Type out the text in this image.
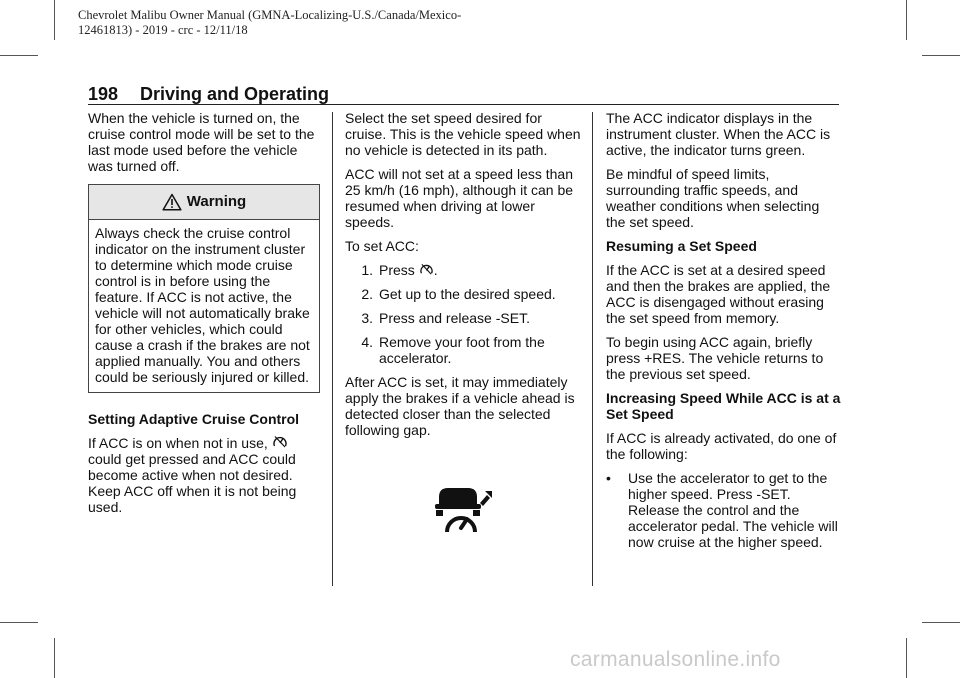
Chevrolet Malibu Owner Manual (GMNA-Localizing-U.S./Canada/Mexico-
12461813) - 2019 - crc - 12/11/18
198 Driving and Operating

When the vehicle is turned on, the cruise control mode will be set to the last mode used before the vehicle was turned off.

Warning
Always check the cruise control indicator on the instrument cluster to determine which mode cruise control is in before using the feature. If ACC is not active, the vehicle will not automatically brake for other vehicles, which could cause a crash if the brakes are not applied manually. You and others could be seriously injured or killed.

Setting Adaptive Cruise Control

If ACC is on when not in use,  could get pressed and ACC could become active when not desired. Keep ACC off when it is not being used.

Select the set speed desired for cruise. This is the vehicle speed when no vehicle is detected in its path.

ACC will not set at a speed less than 25 km/h (16 mph), although it can be resumed when driving at lower speeds.

To set ACC:

1. Press .
2. Get up to the desired speed.
3. Press and release -SET.
4. Remove your foot from the accelerator.

After ACC is set, it may immediately apply the brakes if a vehicle ahead is detected closer than the selected following gap.

The ACC indicator displays in the instrument cluster. When the ACC is active, the indicator turns green.

Be mindful of speed limits, surrounding traffic speeds, and weather conditions when selecting the set speed.

Resuming a Set Speed

If the ACC is set at a desired speed and then the brakes are applied, the ACC is disengaged without erasing the set speed from memory.

To begin using ACC again, briefly press +RES. The vehicle returns to the previous set speed.

Increasing Speed While ACC is at a Set Speed

If ACC is already activated, do one of the following:

•	Use the accelerator to get to the higher speed. Press -SET. Release the control and the accelerator pedal. The vehicle will now cruise at the higher speed.
carmanualsonline.info
